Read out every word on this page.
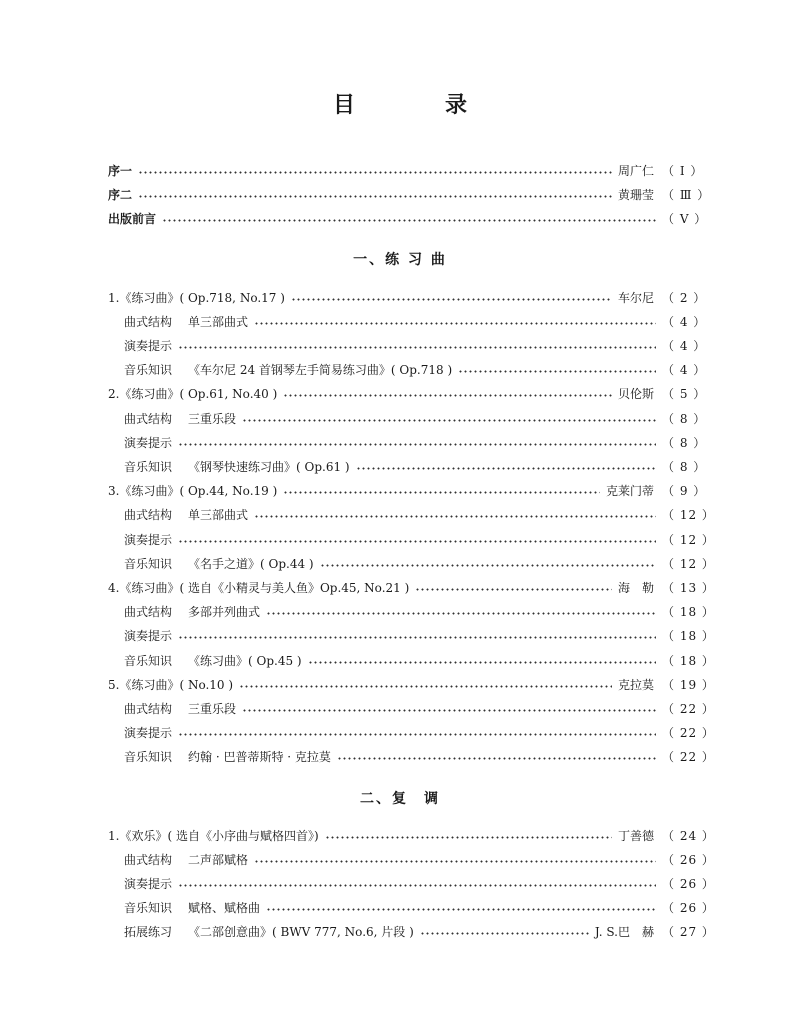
目　录
序一	周广仁 （ Ⅰ ）
序二	黄珊莹 （ Ⅲ ）
出版前言	（ Ⅴ ）
一、练 习 曲
1.《练习曲》( Op.718, No.17 )	车尔尼 （ 2 ）
曲式结构 单三部曲式	（ 4 ）
演奏提示	（ 4 ）
音乐知识 《车尔尼 24 首钢琴左手简易练习曲》( Op.718 )	（ 4 ）
2.《练习曲》( Op.61, No.40 )	贝伦斯 （ 5 ）
曲式结构 三重乐段	（ 8 ）
演奏提示	（ 8 ）
音乐知识 《钢琴快速练习曲》( Op.61 )	（ 8 ）
3.《练习曲》( Op.44, No.19 )	克莱门蒂 （ 9 ）
曲式结构 单三部曲式	（ 12 ）
演奏提示	（ 12 ）
音乐知识 《名手之道》( Op.44 )	（ 12 ）
4.《练习曲》( 选自《小精灵与美人鱼》Op.45, No.21 )	海　勒 （ 13 ）
曲式结构 多部并列曲式	（ 18 ）
演奏提示	（ 18 ）
音乐知识 《练习曲》( Op.45 )	（ 18 ）
5.《练习曲》( No.10 )	克拉莫 （ 19 ）
曲式结构 三重乐段	（ 22 ）
演奏提示	（ 22 ）
音乐知识 约翰 · 巴普蒂斯特 · 克拉莫	（ 22 ）
二、复　调
1.《欢乐》( 选自《小序曲与赋格四首》)	丁善德 （ 24 ）
曲式结构 二声部赋格	（ 26 ）
演奏提示	（ 26 ）
音乐知识 赋格、赋格曲	（ 26 ）
拓展练习 《二部创意曲》( BWV 777, No.6, 片段 )	J. S.巴　赫 （ 27 ）
